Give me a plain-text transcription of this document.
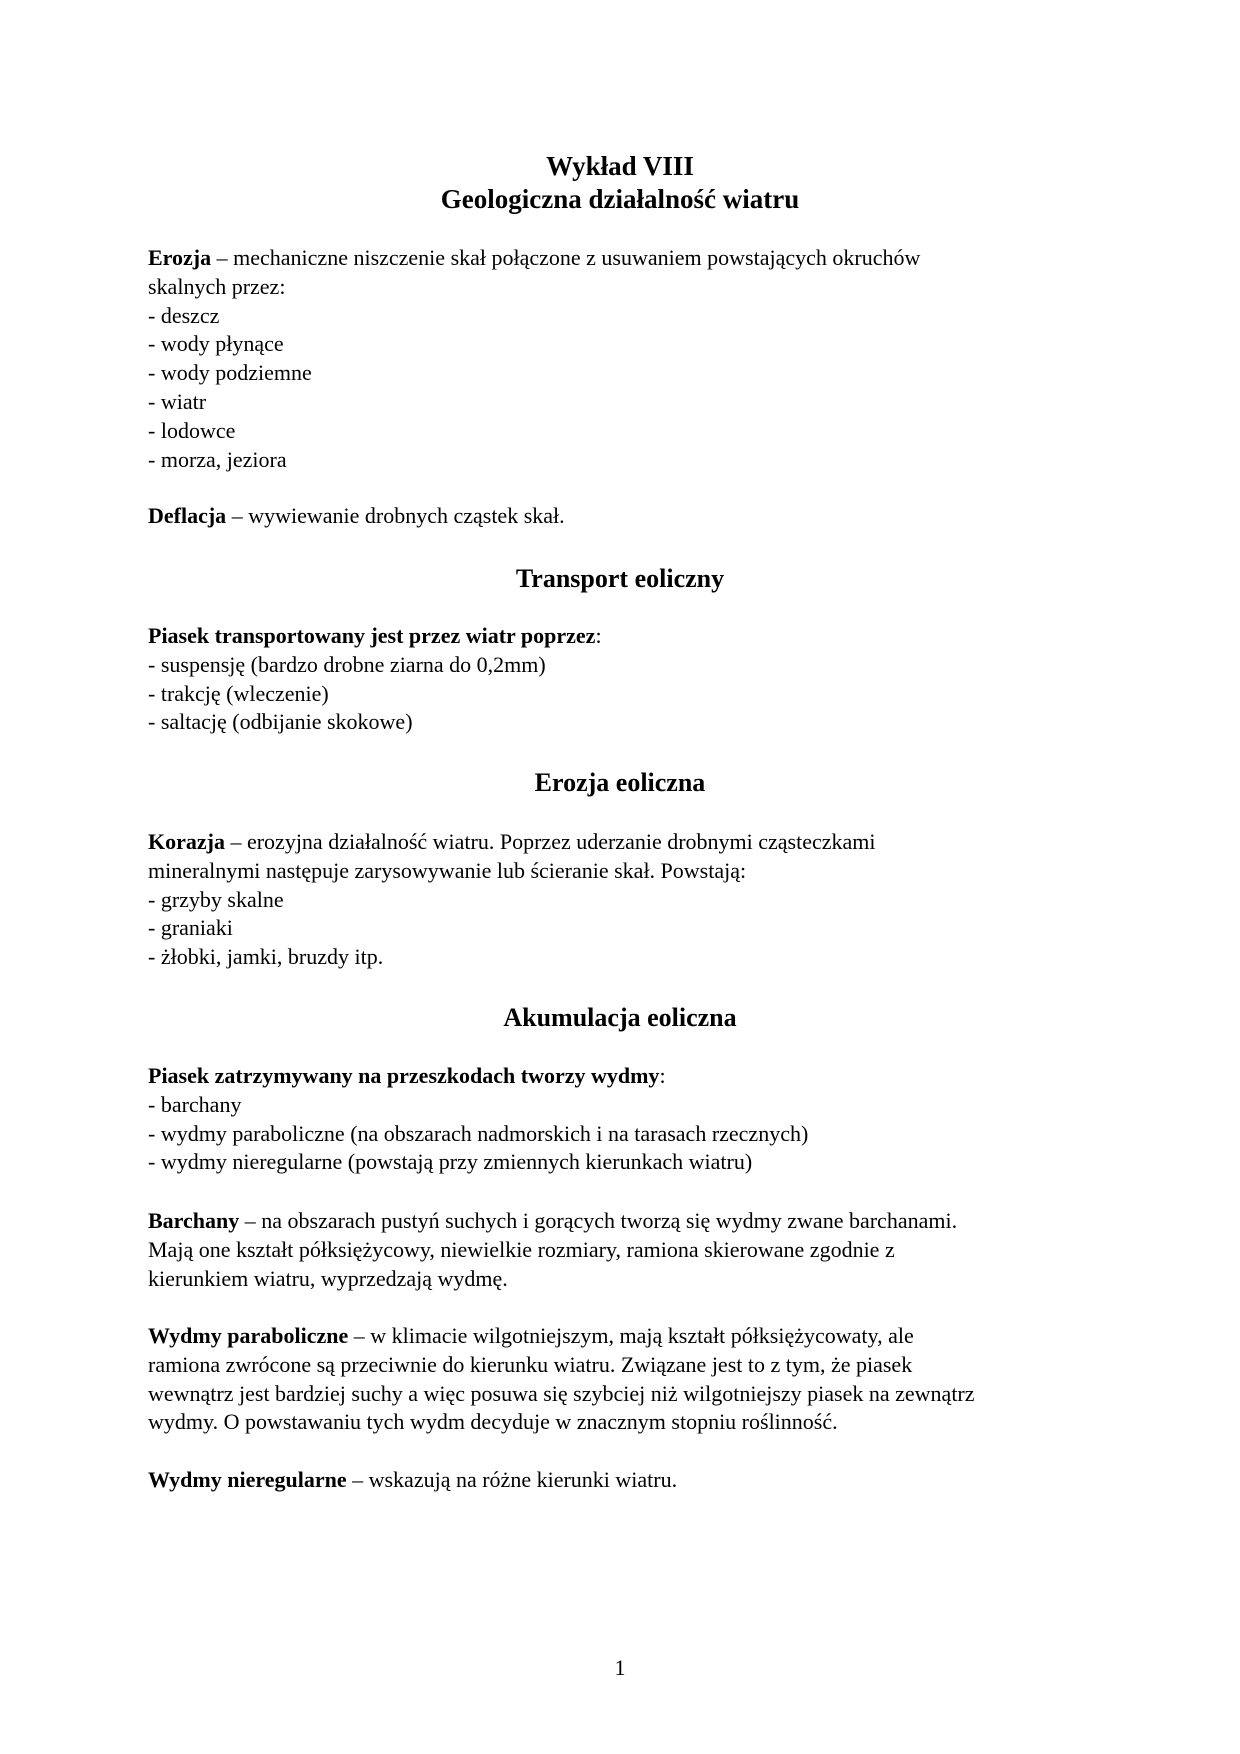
Wykład VIII
Geologiczna działalność wiatru
Erozja – mechaniczne niszczenie skał połączone z usuwaniem powstających okruchów
skalnych przez:
- deszcz
- wody płynące
- wody podziemne
- wiatr
- lodowce
- morza, jeziora
Deflacja – wywiewanie drobnych cząstek skał.
Transport eoliczny
Piasek transportowany jest przez wiatr poprzez:
- suspensję (bardzo drobne ziarna do 0,2mm)
- trakcję (wleczenie)
- saltację (odbijanie skokowe)
Erozja eoliczna
Korazja – erozyjna działalność wiatru. Poprzez uderzanie drobnymi cząsteczkami
mineralnymi następuje zarysowywanie lub ścieranie skał. Powstają:
- grzyby skalne
- graniaki
- żłobki, jamki, bruzdy itp.
Akumulacja eoliczna
Piasek zatrzymywany na przeszkodach tworzy wydmy:
- barchany
- wydmy paraboliczne (na obszarach nadmorskich i na tarasach rzecznych)
- wydmy nieregularne (powstają przy zmiennych kierunkach wiatru)
Barchany – na obszarach pustyń suchych i gorących tworzą się wydmy zwane barchanami.
Mają one kształt półksiężycowy, niewielkie rozmiary, ramiona skierowane zgodnie z
kierunkiem wiatru, wyprzedzają wydmę.
Wydmy paraboliczne – w klimacie wilgotniejszym, mają kształt półksiężycowaty, ale
ramiona zwrócone są przeciwnie do kierunku wiatru. Związane jest to z tym, że piasek
wewnątrz jest bardziej suchy a więc posuwa się szybciej niż wilgotniejszy piasek na zewnątrz
wydmy. O powstawaniu tych wydm decyduje w znacznym stopniu roślinność.
Wydmy nieregularne – wskazują na różne kierunki wiatru.
1
